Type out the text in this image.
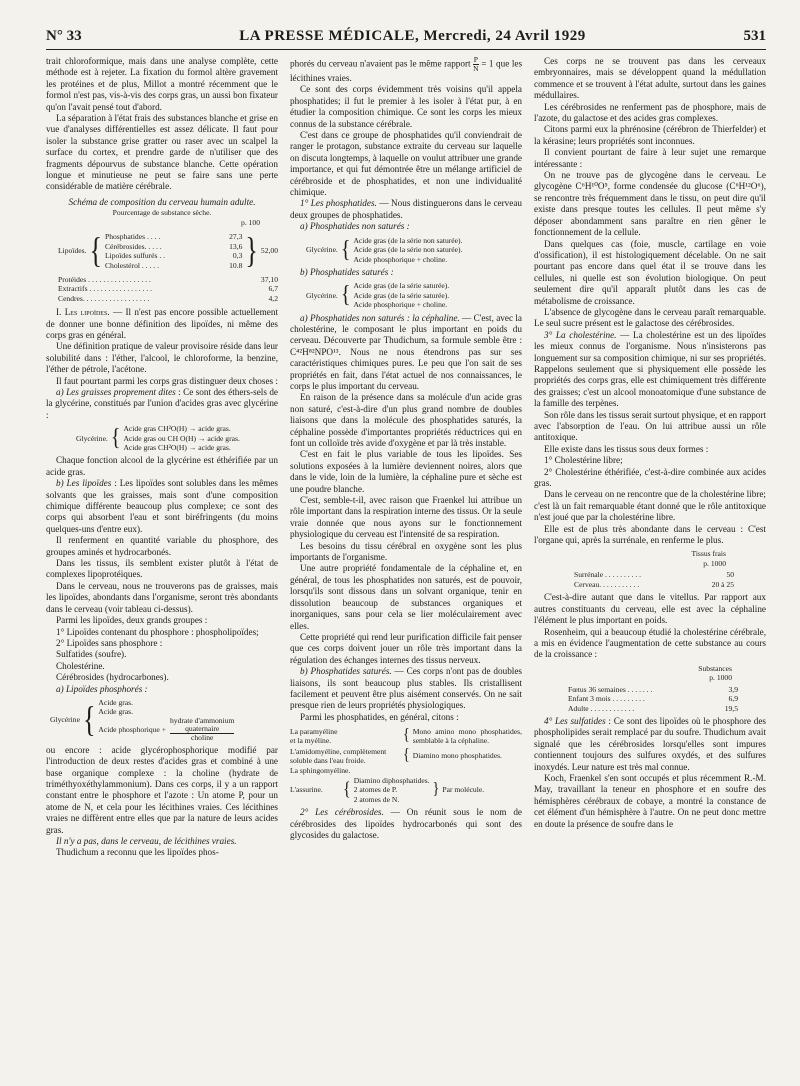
N° 33	LA PRESSE MÉDICALE, Mercredi, 24 Avril 1929	531

trait chloroformique, mais dans une analyse complète, cette méthode est à rejeter. La fixation du formol altère gravement les protéines et de plus, Millot a montré récemment que le formol n'est pas, vis-à-vis des corps gras, un aussi bon fixateur qu'on l'avait pensé tout d'abord.

La séparation à l'état frais des substances blanche et grise en vue d'analyses différentielles est assez délicate. Il faut pour isoler la substance grise gratter ou raser avec un scalpel la surface du cortex, et prendre garde de n'utiliser que des fragments dépourvus de substance blanche. Cette opération longue et minutieuse ne peut se faire sans une perte considérable de matière cérébrale.

Schéma de composition du cerveau humain adulte.

Pourcentage de substance sèche.

p. 100
Lipoïdes. { Phosphatides . . . .	27,3
Cérébrosides. . . . .	13,6
Lipoïdes sulfurés . .	0,3
Cholestérol . . . . .	10.8 } 52,00
Protéides . . . . . . . . . . . . . . . . .	37,10
Extractifs . . . . . . . . . . . . . . . . .	6,7
Cendres. . . . . . . . . . . . . . . . . .	4,2

I. Les lipoïdes. — Il n'est pas encore possible actuellement de donner une bonne définition des lipoïdes, ni même des corps gras en général.

Une définition pratique de valeur provisoire réside dans leur solubilité dans : l'éther, l'alcool, le chloroforme, la benzine, l'éther de pétrole, l'acétone.

Il faut pourtant parmi les corps gras distinguer deux choses :

a) Les graisses proprement dites : Ce sont des éthers-sels de la glycérine, constitués par l'union d'acides gras avec glycérine :

Glycérine. { Acide gras CH²O(H) → acide gras.
Acide gras ou CH O(H) → acide gras.
Acide gras CH²O(H) → acide gras.

Chaque fonction alcool de la glycérine est éthérifiée par un acide gras.

b) Les lipoïdes : Les lipoïdes sont solubles dans les mêmes solvants que les graisses, mais sont d'une composition chimique différente beaucoup plus complexe; ce sont des corps qui absorbent l'eau et sont biréfringents (du moins quelques-uns d'entre eux).

Il renferment en quantité variable du phosphore, des groupes aminés et hydrocarbonés.

Dans les tissus, ils semblent exister plutôt à l'état de complexes lipoprotéiques.

Dans le cerveau, nous ne trouverons pas de graisses, mais les lipoïdes, abondants dans l'organisme, seront très abondants dans le cerveau (voir tableau ci-dessus).

Parmi les lipoïdes, deux grands groupes :

1° Lipoïdes contenant du phosphore : phospholipoïdes;

2° Lipoïdes sans phosphore :

Sulfatides (soufre).

Cholestérine.

Cérébrosides (hydrocarbones).

a) Lipoïdes phosphorés :

Glycérine { Acide gras.
Acide gras.
Acide phosphorique + hydrate d'ammonium
quaternaire
choline

ou encore : acide glycérophosphorique modifié par l'introduction de deux restes d'acides gras et combiné à une base organique complexe : la choline (hydrate de triméthyoxéthylammonium). Dans ces corps, il y a un rapport constant entre le phosphore et l'azote : Un atome P, pour un atome de N, et cela pour les lécithines vraies. Ces lécithines vraies ne diffèrent entre elles que par la nature de leurs acides gras.

Il n'y a pas, dans le cerveau, de lécithines vraies.

Thudichum a reconnu que les lipoïdes phos-

phorés du cerveau n'avaient pas le même rapport $\frac{P}{N} = 1$ que les lécithines vraies.

Ce sont des corps évidemment très voisins qu'il appela phosphatides; il fut le premier à les isoler à l'état pur, à en étudier la composition chimique. Ce sont les corps les mieux connus de la substance cérébrale.

C'est dans ce groupe de phosphatides qu'il conviendrait de ranger le protagon, substance extraite du cerveau sur laquelle on discuta longtemps, à laquelle on voulut attribuer une grande importance, et qui fut démontrée être un mélange artificiel de cérébroside et de phosphatides, et non une individualité chimique.

1° Les phosphatides. — Nous distinguerons dans le cerveau deux groupes de phosphatides.

a) Phosphatides non saturés :

Glycérine. { Acide gras (de la série non saturée).
Acide gras (de la série non saturée).
Acide phosphorique + choline.

b) Phosphatides saturés :

Glycérine. { Acide gras (de la série saturée).
Acide gras (de la série saturée).
Acide phosphorique + choline.

a) Phosphatides non saturés : la céphaline. — C'est, avec la cholestérine, le composant le plus important en poids du cerveau. Découverte par Thudichum, sa formule semble être : C⁴²H⁸²NPO¹³. Nous ne nous étendrons pas sur ses caractéristiques chimiques pures. Le peu que l'on sait de ses propriétés en fait, dans l'état actuel de nos connaissances, le corps le plus important du cerveau.

En raison de la présence dans sa molécule d'un acide gras non saturé, c'est-à-dire d'un plus grand nombre de doubles liaisons que dans la molécule des phosphatides saturés, la céphaline possède d'importantes propriétés réductrices qui en font un colloïde très avide d'oxygène et par là très instable.

C'est en fait le plus variable de tous les lipoïdes. Ses solutions exposées à la lumière deviennent noires, alors que dans le vide, loin de la lumière, la céphaline pure et sèche est une poudre blanche.

C'est, semble-t-il, avec raison que Fraenkel lui attribue un rôle important dans la respiration interne des tissus. Or la seule vraie donnée que nous ayons sur le fonctionnement physiologique du cerveau est l'intensité de sa respiration.

Les besoins du tissu cérébral en oxygène sont les plus importants de l'organisme.

Une autre propriété fondamentale de la céphaline et, en général, de tous les phosphatides non saturés, est de pouvoir, lorsqu'ils sont dissous dans un solvant organique, tenir en dissolution beaucoup de substances organiques et inorganiques, sans pour cela se lier moléculairement avec elles.

Cette propriété qui rend leur purification difficile fait penser que ces corps doivent jouer un rôle très important dans la régulation des échanges internes des tissus nerveux.

b) Phosphatides saturés. — Ces corps n'ont pas de doubles liaisons, ils sont beaucoup plus stables. Ils cristallisent facilement et peuvent être plus aisément conservés. On ne sait presque rien de leurs propriétés physiologiques.

Parmi les phosphatides, en général, citons :

La paramyéline
et la myéline.	{ Mono amino mono phosphatides, semblable à la céphaline.
L'amidomyéline, complètement
soluble dans l'eau froide.	{ Diamino mono phosphatides.
La sphingomyéline.
L'assurine.	{ Diamino diphosphatides.
2 atomes de P.
2 atomes de N.
} Par molécule.

2° Les cérébrosides. — On réunit sous le nom de cérébrosides des lipoïdes hydrocarbonés qui sont des glycosides du galactose.

Ces corps ne se trouvent pas dans les cerveaux embryonnaires, mais se développent quand la médullation commence et se trouvent à l'état adulte, surtout dans les gaines médullaires.

Les cérébrosides ne renferment pas de phosphore, mais de l'azote, du galactose et des acides gras complexes.

Citons parmi eux la phrénosine (cérébron de Thierfelder) et la kérasine; leurs propriétés sont inconnues.

Il convient pourtant de faire à leur sujet une remarque intéressante :

On ne trouve pas de glycogène dans le cerveau. Le glycogène C⁶H¹⁰O⁵, forme condensée du glucose (C⁶H¹²O⁶), se rencontre très fréquemment dans le tissu, on peut dire qu'il existe dans presque toutes les cellules. Il peut même s'y déposer abondamment sans paraître en rien gêner le fonctionnement de la cellule.

Dans quelques cas (foie, muscle, cartilage en voie d'ossification), il est histologiquement décelable. On ne sait pourtant pas encore dans quel état il se trouve dans les cellules, ni quelle est son évolution biologique. On peut seulement dire qu'il apparaît plutôt dans les cas de métabolisme de croissance.

L'absence de glycogène dans le cerveau paraît remarquable. Le seul sucre présent est le galactose des cérébrosides.

3° La cholestérine. — La cholestérine est un des lipoïdes les mieux connus de l'organisme. Nous n'insisterons pas longuement sur sa composition chimique, ni sur ses propriétés. Rappelons seulement que si physiquement elle possède les propriétés des corps gras, elle est chimiquement très différente des graisses; c'est un alcool monoatomique d'une substance de la famille des terpènes.

Son rôle dans les tissus serait surtout physique, et en rapport avec l'absorption de l'eau. On lui attribue aussi un rôle antitoxique.

Elle existe dans les tissus sous deux formes :

1° Cholestérine libre;

2° Cholestérine éthérifiée, c'est-à-dire combinée aux acides gras.

Dans le cerveau on ne rencontre que de la cholestérine libre; c'est là un fait remarquable étant donné que le rôle antitoxique n'est joué que par la cholestérine libre.

Elle est de plus très abondante dans le cerveau : C'est l'organe qui, après la surrénale, en renferme le plus.

Tissus frais
p. 1000
Surrénale . . . . . . . . . .	50
Cerveau. . . . . . . . . . .	20 à 25

C'est-à-dire autant que dans le vitellus. Par rapport aux autres constituants du cerveau, elle est avec la céphaline l'élément le plus important en poids.

Rosenheim, qui a beaucoup étudié la cholestérine cérébrale, a mis en évidence l'augmentation de cette substance au cours de la croissance :

Substances
p. 1000
Fœtus 36 semaines . . . . . . .	3,9
Enfant 3 mois . . . . . . . . .	6,9
Adulte . . . . . . . . . . . .	19,5

4° Les sulfatides : Ce sont des lipoïdes où le phosphore des phospholipides serait remplacé par du soufre. Thudichum avait signalé que les cérébrosides lorsqu'elles sont impures contiennent toujours des sulfures oxydés, et des sulfures inoxydés. Leur nature est très mal connue.

Koch, Fraenkel s'en sont occupés et plus récemment R.-M. May, travaillant la teneur en phosphore et en soufre des hémisphères cérébraux de cobaye, a montré la constance de cet élément d'un hémisphère à l'autre. On ne peut donc mettre en doute la présence de soufre dans le
